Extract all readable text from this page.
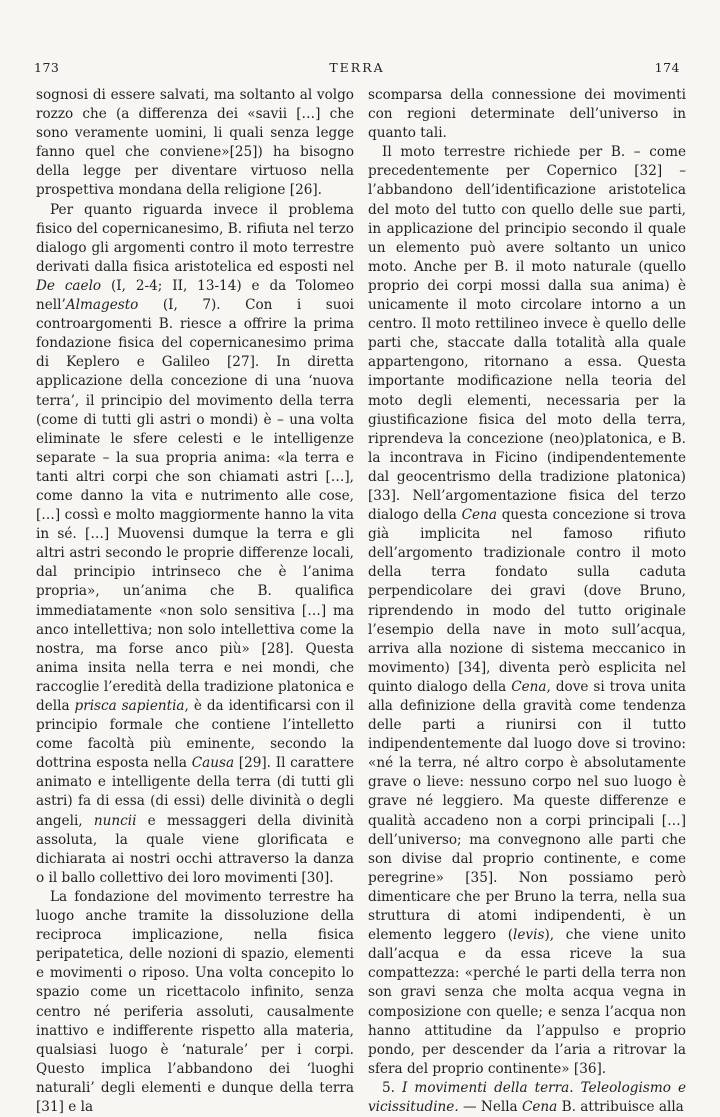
173	TERRA	174

sognosi di essere salvati, ma soltanto al volgo rozzo che (a differenza dei «savii […] che sono veramente uomini, li quali senza legge fanno quel che conviene»[25]) ha bisogno della legge per diventare virtuoso nella prospettiva mondana della religione [26].

Per quanto riguarda invece il problema fisico del copernicanesimo, B. rifiuta nel terzo dialogo gli argomenti contro il moto terrestre derivati dalla fisica aristotelica ed esposti nel De caelo (I, 2-4; II, 13-14) e da Tolomeo nell’Almagesto (I, 7). Con i suoi controargomenti B. riesce a offrire la prima fondazione fisica del copernicanesimo prima di Keplero e Galileo [27]. In diretta applicazione della concezione di una ‘nuova terra’, il principio del movimento della terra (come di tutti gli astri o mondi) è – una volta eliminate le sfere celesti e le intelligenze separate – la sua propria anima: «la terra e tanti altri corpi che son chiamati astri […], come danno la vita e nutrimento alle cose, […] cossì e molto maggiormente hanno la vita in sé. […] Muovensi dumque la terra e gli altri astri secondo le proprie differenze locali, dal principio intrinseco che è l’anima propria», un’anima che B. qualifica immediatamente «non solo sensitiva […] ma anco intellettiva; non solo intellettiva come la nostra, ma forse anco più» [28]. Questa anima insita nella terra e nei mondi, che raccoglie l’eredità della tradizione platonica e della prisca sapientia, è da identificarsi con il principio formale che contiene l’intelletto come facoltà più eminente, secondo la dottrina esposta nella Causa [29]. Il carattere animato e intelligente della terra (di tutti gli astri) fa di essa (di essi) delle divinità o degli angeli, nuncii e messaggeri della divinità assoluta, la quale viene glorificata e dichiarata ai nostri occhi attraverso la danza o il ballo collettivo dei loro movimenti [30].

La fondazione del movimento terrestre ha luogo anche tramite la dissoluzione della reciproca implicazione, nella fisica peripatetica, delle nozioni di spazio, elementi e movimenti o riposo. Una volta concepito lo spazio come un ricettacolo infinito, senza centro né periferia assoluti, causalmente inattivo e indifferente rispetto alla materia, qualsiasi luogo è ‘naturale’ per i corpi. Questo implica l’abbandono dei ‘luoghi naturali’ degli elementi e dunque della terra [31] e la

scomparsa della connessione dei movimenti con regioni determinate dell’universo in quanto tali.

Il moto terrestre richiede per B. – come precedentemente per Copernico [32] – l’abbandono dell’identificazione aristotelica del moto del tutto con quello delle sue parti, in applicazione del principio secondo il quale un elemento può avere soltanto un unico moto. Anche per B. il moto naturale (quello proprio dei corpi mossi dalla sua anima) è unicamente il moto circolare intorno a un centro. Il moto rettilineo invece è quello delle parti che, staccate dalla totalità alla quale appartengono, ritornano a essa. Questa importante modificazione nella teoria del moto degli elementi, necessaria per la giustificazione fisica del moto della terra, riprendeva la concezione (neo)platonica, e B. la incontrava in Ficino (indipendentemente dal geocentrismo della tradizione platonica) [33]. Nell’argomentazione fisica del terzo dialogo della Cena questa concezione si trova già implicita nel famoso rifiuto dell’argomento tradizionale contro il moto della terra fondato sulla caduta perpendicolare dei gravi (dove Bruno, riprendendo in modo del tutto originale l’esempio della nave in moto sull’acqua, arriva alla nozione di sistema meccanico in movimento) [34], diventa però esplicita nel quinto dialogo della Cena, dove si trova unita alla definizione della gravità come tendenza delle parti a riunirsi con il tutto indipendentemente dal luogo dove si trovino: «né la terra, né altro corpo è absolutamente grave o lieve: nessuno corpo nel suo luogo è grave né leggiero. Ma queste differenze e qualità accadeno non a corpi principali […] dell’universo; ma convegnono alle parti che son divise dal proprio continente, e come peregrine» [35]. Non possiamo però dimenticare che per Bruno la terra, nella sua struttura di atomi indipendenti, è un elemento leggero (levis), che viene unito dall’acqua e da essa riceve la sua compattezza: «perché le parti della terra non son gravi senza che molta acqua vegna in composizione con quelle; e senza l’acqua non hanno attitudine da l’appulso e proprio pondo, per descender da l’aria a ritrovar la sfera del proprio continente» [36].

5. I movimenti della terra. Teleologismo e vicissitudine. — Nella Cena B. attribuisce alla
